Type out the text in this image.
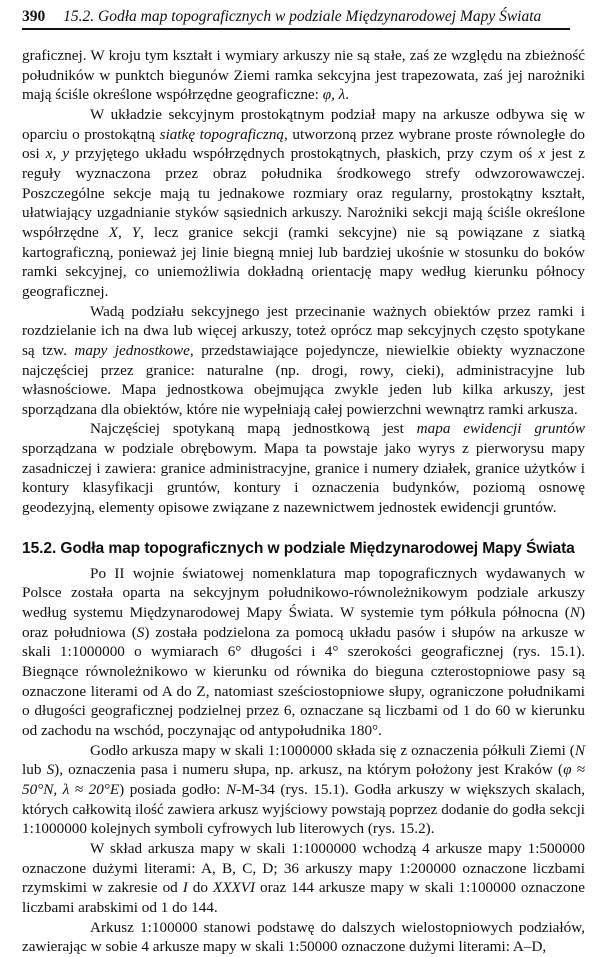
390 15.2. Godła map topograficznych w podziale Międzynarodowej Mapy Świata

graficznej. W kroju tym kształt i wymiary arkuszy nie są stałe, zaś ze względu na zbieżność południków w punktch biegunów Ziemi ramka sekcyjna jest trapezowata, zaś jej narożniki mają ściśle określone współrzędne geograficzne: φ, λ.

W układzie sekcyjnym prostokątnym podział mapy na arkusze odbywa się w oparciu o prostokątną siatkę topograficzną, utworzoną przez wybrane proste równoległe do osi x, y przyjętego układu współrzędnych prostokątnych, płaskich, przy czym oś x jest z reguły wyznaczona przez obraz południka środkowego strefy odwzorowawczej. Poszczególne sekcje mają tu jednakowe rozmiary oraz regularny, prostokątny kształt, ułatwiający uzgadnianie styków sąsiednich arkuszy. Narożniki sekcji mają ściśle określone współrzędne X, Y, lecz granice sekcji (ramki sekcyjne) nie są powiązane z siatką kartograficzną, ponieważ jej linie biegną mniej lub bardziej ukośnie w stosunku do boków ramki sekcyjnej, co uniemożliwia dokładną orientację mapy według kierunku północy geograficznej.

Wadą podziału sekcyjnego jest przecinanie ważnych obiektów przez ramki i rozdzielanie ich na dwa lub więcej arkuszy, toteż oprócz map sekcyjnych często spotykane są tzw. mapy jednostkowe, przedstawiające pojedyncze, niewielkie obiekty wyznaczone najczęściej przez granice: naturalne (np. drogi, rowy, cieki), administracyjne lub własnościowe. Mapa jednostkowa obejmująca zwykle jeden lub kilka arkuszy, jest sporządzana dla obiektów, które nie wypełniają całej powierzchni wewnątrz ramki arkusza.

Najczęściej spotykaną mapą jednostkową jest mapa ewidencji gruntów sporządzana w podziale obrębowym. Mapa ta powstaje jako wyrys z pierworysu mapy zasadniczej i zawiera: granice administracyjne, granice i numery działek, granice użytków i kontury klasyfikacji gruntów, kontury i oznaczenia budynków, poziomą osnowę geodezyjną, elementy opisowe związane z nazewnictwem jednostek ewidencji gruntów.

15.2. Godła map topograficznych w podziale Międzynarodowej Mapy Świata

Po II wojnie światowej nomenklatura map topograficznych wydawanych w Polsce została oparta na sekcyjnym południkowo-równoleżnikowym podziale arkuszy według systemu Międzynarodowej Mapy Świata. W systemie tym półkula północna (N) oraz południowa (S) została podzielona za pomocą układu pasów i słupów na arkusze w skali 1:1000000 o wymiarach 6° długości i 4° szerokości geograficznej (rys. 15.1). Biegnące równoleżnikowo w kierunku od równika do bieguna czterostopniowe pasy są oznaczone literami od A do Z, natomiast sześciostopniowe słupy, ograniczone południkami o długości geograficznej podzielnej przez 6, oznaczane są liczbami od 1 do 60 w kierunku od zachodu na wschód, poczynając od antypołudnika 180°.

Godło arkusza mapy w skali 1:1000000 składa się z oznaczenia półkuli Ziemi (N lub S), oznaczenia pasa i numeru słupa, np. arkusz, na którym położony jest Kraków (φ ≈ 50°N, λ ≈ 20°E) posiada godło: N-M-34 (rys. 15.1). Godła arkuszy w większych skalach, których całkowitą ilość zawiera arkusz wyjściowy powstają poprzez dodanie do godła sekcji 1:1000000 kolejnych symboli cyfrowych lub literowych (rys. 15.2).

W skład arkusza mapy w skali 1:1000000 wchodzą 4 arkusze mapy 1:500000 oznaczone dużymi literami: A, B, C, D; 36 arkuszy mapy 1:200000 oznaczone liczbami rzymskimi w zakresie od I do XXXVI oraz 144 arkusze mapy w skali 1:100000 oznaczone liczbami arabskimi od 1 do 144.

Arkusz 1:100000 stanowi podstawę do dalszych wielostopniowych podziałów, zawierając w sobie 4 arkusze mapy w skali 1:50000 oznaczone dużymi literami: A–D,
